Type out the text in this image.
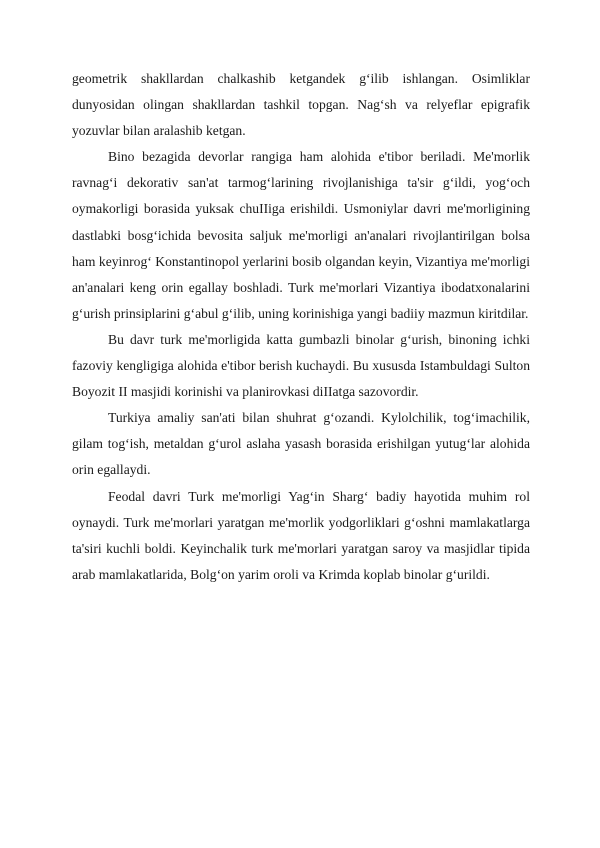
geometrik shakllardan chalkashib ketgandek g‘ilib ishlangan. Osimliklar dunyosidan olingan shakllardan tashkil topgan. Nag‘sh va relyeflar epigrafik yozuvlar bilan aralashib ketgan.

Bino bezagida devorlar rangiga ham alohida e'tibor beriladi. Me'morlik ravnag‘i dekorativ san'at tarmog‘larining rivojlanishiga ta'sir g‘ildi, yog‘och oymakorligi borasida yuksak chuIIiga erishildi. Usmoniylar davri me'morligining dastlabki bosg‘ichida bevosita saljuk me'morligi an'analari rivojlantirilgan bolsa ham keyinrog‘ Konstantinopol yerlarini bosib olgandan keyin, Vizantiya me'morligi an'analari keng orin egallay boshladi. Turk me'morlari Vizantiya ibodatxonalarini g‘urish prinsiplarini g‘abul g‘ilib, uning korinishiga yangi badiiy mazmun kiritdilar.

Bu davr turk me'morligida katta gumbazli binolar g‘urish, binoning ichki fazoviy kengligiga alohida e'tibor berish kuchaydi. Bu xususda Istambuldagi Sulton Boyozit II masjidi korinishi va planirovkasi diIIatga sazovordir.

Turkiya amaliy san'ati bilan shuhrat g‘ozandi. Kylolchilik, tog‘imachilik, gilam tog‘ish, metaldan g‘urol aslaha yasash borasida erishilgan yutug‘lar alohida orin egallaydi.

Feodal davri Turk me'morligi Yag‘in Sharg‘ badiy hayotida muhim rol oynaydi. Turk me'morlari yaratgan me'morlik yodgorliklari g‘oshni mamlakatlarga ta'siri kuchli boldi. Keyinchalik turk me'morlari yaratgan saroy va masjidlar tipida arab mamlakatlarida, Bolg‘on yarim oroli va Krimda koplab binolar g‘urildi.
